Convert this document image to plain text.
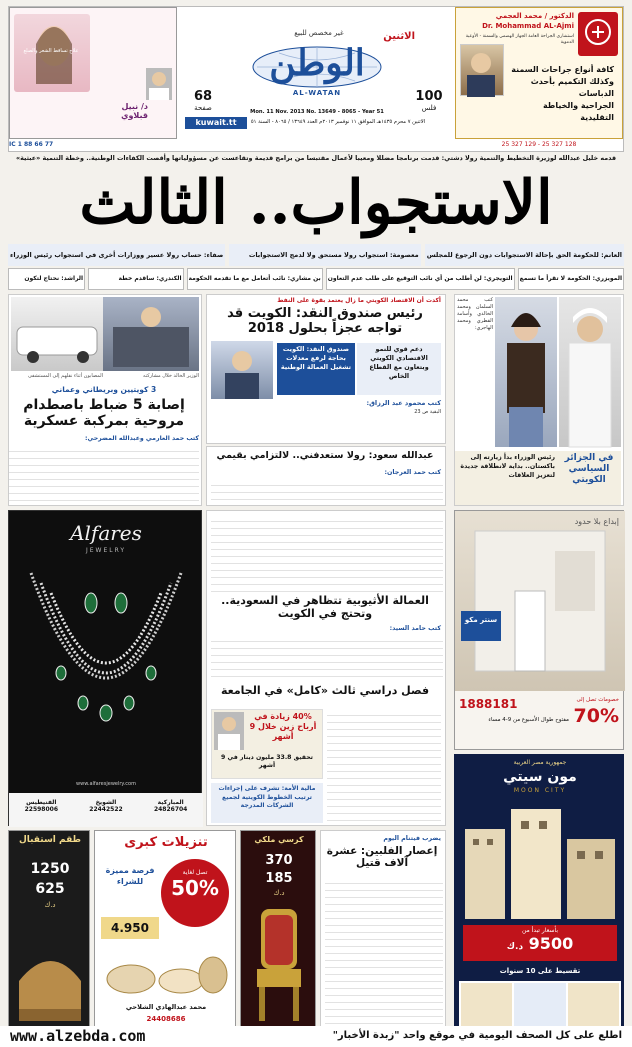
الدكتور / محمد العجمي
Dr. Mohammad AL-Ajmi
استشاري الجراحة العامة الجهاز الهضمي والسمنة - الأوعية الدموية
كافة أنواع جراحات السمنة
وكذلك التكميم بأحدث الدباسات
الجراحية والخياطة التقليدية
25 327 129 - 25 327 128
100
فلس
68
صفحة
غير مخصص للبيع	الاثنين
الوطن
AL-WATAN
Mon. 11 Nov. 2013 No. 13649 - 8065 - Year 51
الاثنين ٧ محرم ١٤٣٥هـ الموافق ١١ نوفمبر ٢٠١٣م العدد ١٣٦٤٩ / ٨٠٦٥ - السنة ٥١
kuwait.tt
د/ نبيل قبلاوي
علاج تساقط الشعر والصلع
IC 1 88 66 77
قدمه خليل عبدالله لوزيرة التخطيط والتنمية رولا دشتي: قدمت برنامجا مضللا ومعيبا لأعمال مقتبسا من برامج قديمة وتقاعست عن مسؤولياتها وأقصت الكفاءات الوطنية.. وخطة التنمية «عبثية»
الاستجواب.. الثالث
العانم: للحكومة الحق بإحالة الاستجوابات دون الرجوع للمجلس
معصومة: استجواب رولا مستحق ولا لدمج الاستجوابات
صفاء: حساب رولا عسير ووزارات أخرى في استجواب رئيس الوزراء
المويزري: الحكومة لا تقرأ ما تسمع
التويجري: لن أطلب من أي نائب التوقيع على طلب عدم التعاون
بن مشاري: نائب أتعامل مع ما تقدمه الحكومة
الكندري: ساقدم خطة
الراشد: نحتاج لتكون
كتب محمد السلمان ومحمد الخالدي وأسامة القطري ومحمد الهاجري:
في الجزائر السياسي الكويتي
رئيس الوزراء بدأ زيارته إلى باكستان.. بداية لانطلاقة جديدة لتعزيز العلاقات
أكدت أن الاقتصاد الكويتي ما زال يعتمد بقوة على النفط
رئيس صندوق النقد: الكويت قد تواجه عجزاً بحلول 2018
صندوق النقد: الكويت بحاجة لرفع معدلات تشغيل العمالة الوطنية
دعم قوي للنمو الاقتصادي الكويتي وبتعاون مع القطاع الخاص
كتب محمود عبد الرزاق:
البقية ص 23
عبدالله سعود: رولا ستعدفني.. لالتزامي بقيمي
كتب حمد العرجان:
الوزير الخالد خلال مشاركته
المصابون أثناء نقلهم إلى المستشفى
3 كويتيين وبريطاني وعماني
إصابة 5 ضباط باصطدام مروحية بمركبة عسكرية
كتب حمد العارمي وعبدالله المضرحي:
Alfares
JEWELRY
www.alfaresjewelry.com
المباركية
24826704
الشويخ
22442522
الفنيطيس
22598006
العمالة الأثيوبية تتظاهر في السعودية.. وتحتج في الكويت
كتب حامد السيد:
فصل دراسي ثالث «كامل» في الجامعة
40% زيادة في أرباح زين خلال 9 أشهر
تحقيق 33.8 مليون دينار في 9 أشهر
مالية الأمة: تشرف على إجراءات ترتيب الخطوط الكويتية لجميع الشركات المدرجة
إبداع بلا حدود
سنتر مكو
خصومات تصل إلى
70%
1888181
مفتوح طوال الأسبوع من 9-4 مساء
جمهورية مصر العربية
مون سيتي
MOON CITY
بأسعار تبدأ من
9500 د.ك
تقسيط على 10 سنوات
يضرب فيتنام اليوم
إعصار الفلبين: عشرة آلاف قتيل
طقم استقبال
1250
625
د.ك
تنزيلات كبرى
تصل لغاية
50%
فرصة مميزة للشراء
4.950
محمد عبدالهادي الشلاحي
24408686
كرسي ملكي
370
185
د.ك
www.alzebda.com	اطلع على كل الصحف اليومية في موقع واحد "زبدة الأخبار"
